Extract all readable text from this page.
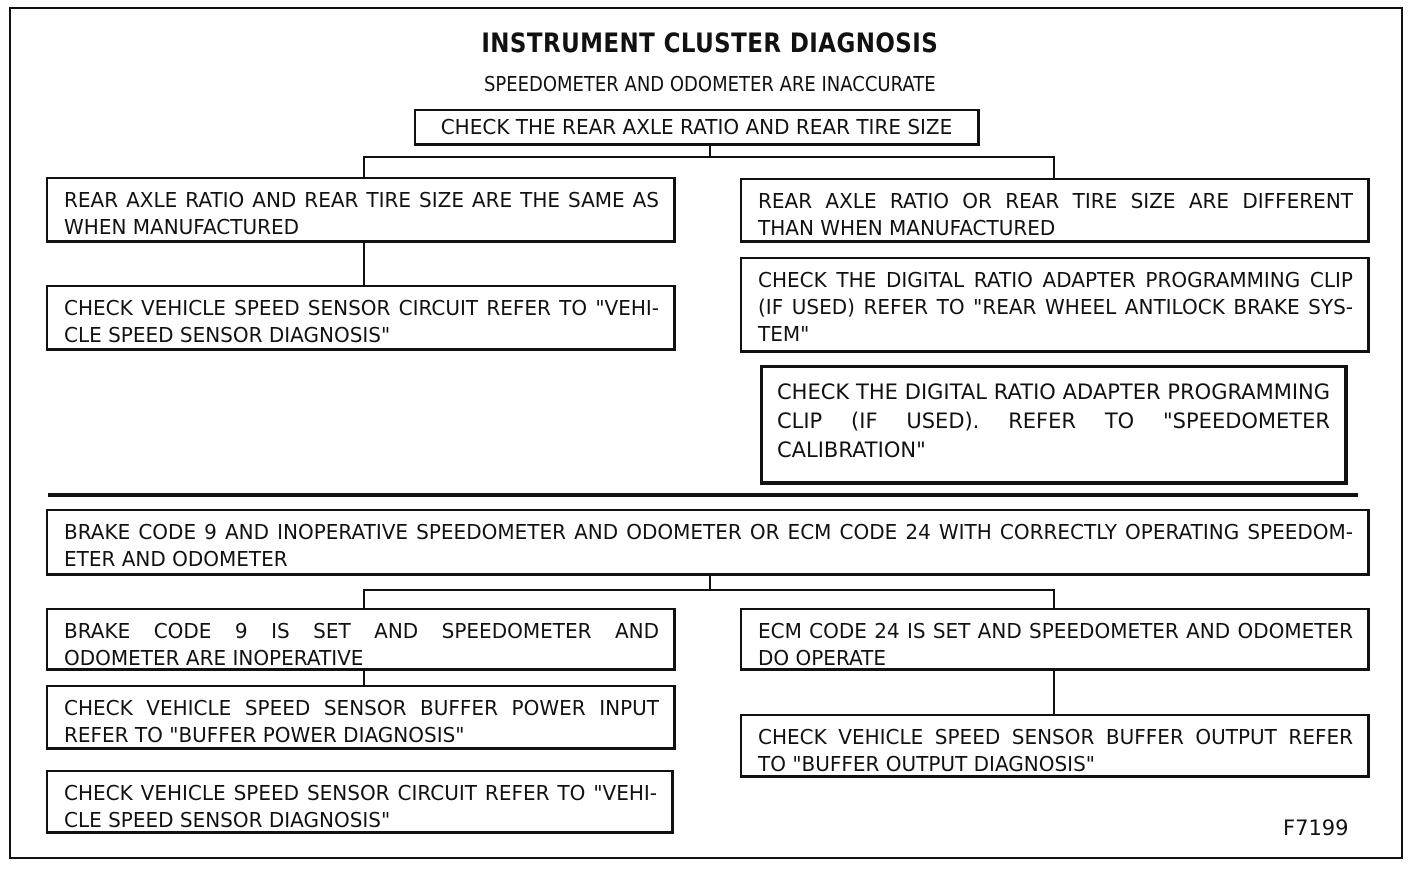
INSTRUMENT CLUSTER DIAGNOSIS
SPEEDOMETER AND ODOMETER ARE INACCURATE
CHECK THE REAR AXLE RATIO AND REAR TIRE SIZE
REAR AXLE RATIO AND REAR TIRE SIZE ARE THE SAME AS WHEN MANUFACTURED
CHECK VEHICLE SPEED SENSOR CIRCUIT REFER TO "VEHI-CLE SPEED SENSOR DIAGNOSIS"
REAR AXLE RATIO OR REAR TIRE SIZE ARE DIFFERENT THAN WHEN MANUFACTURED
CHECK THE DIGITAL RATIO ADAPTER PROGRAMMING CLIP (IF USED) REFER TO "REAR WHEEL ANTILOCK BRAKE SYS-TEM"
CHECK THE DIGITAL RATIO ADAPTER PROGRAMMING CLIP (IF USED). REFER TO "SPEEDOMETER CALIBRATION"
BRAKE CODE 9 AND INOPERATIVE SPEEDOMETER AND ODOMETER OR ECM CODE 24 WITH CORRECTLY OPERATING SPEEDOM-ETER AND ODOMETER
BRAKE CODE 9 IS SET AND SPEEDOMETER AND ODOMETER ARE INOPERATIVE
CHECK VEHICLE SPEED SENSOR BUFFER POWER INPUT REFER TO "BUFFER POWER DIAGNOSIS"
CHECK VEHICLE SPEED SENSOR CIRCUIT REFER TO "VEHI-CLE SPEED SENSOR DIAGNOSIS"
ECM CODE 24 IS SET AND SPEEDOMETER AND ODOMETER DO OPERATE
CHECK VEHICLE SPEED SENSOR BUFFER OUTPUT REFER TO "BUFFER OUTPUT DIAGNOSIS"
F7199
